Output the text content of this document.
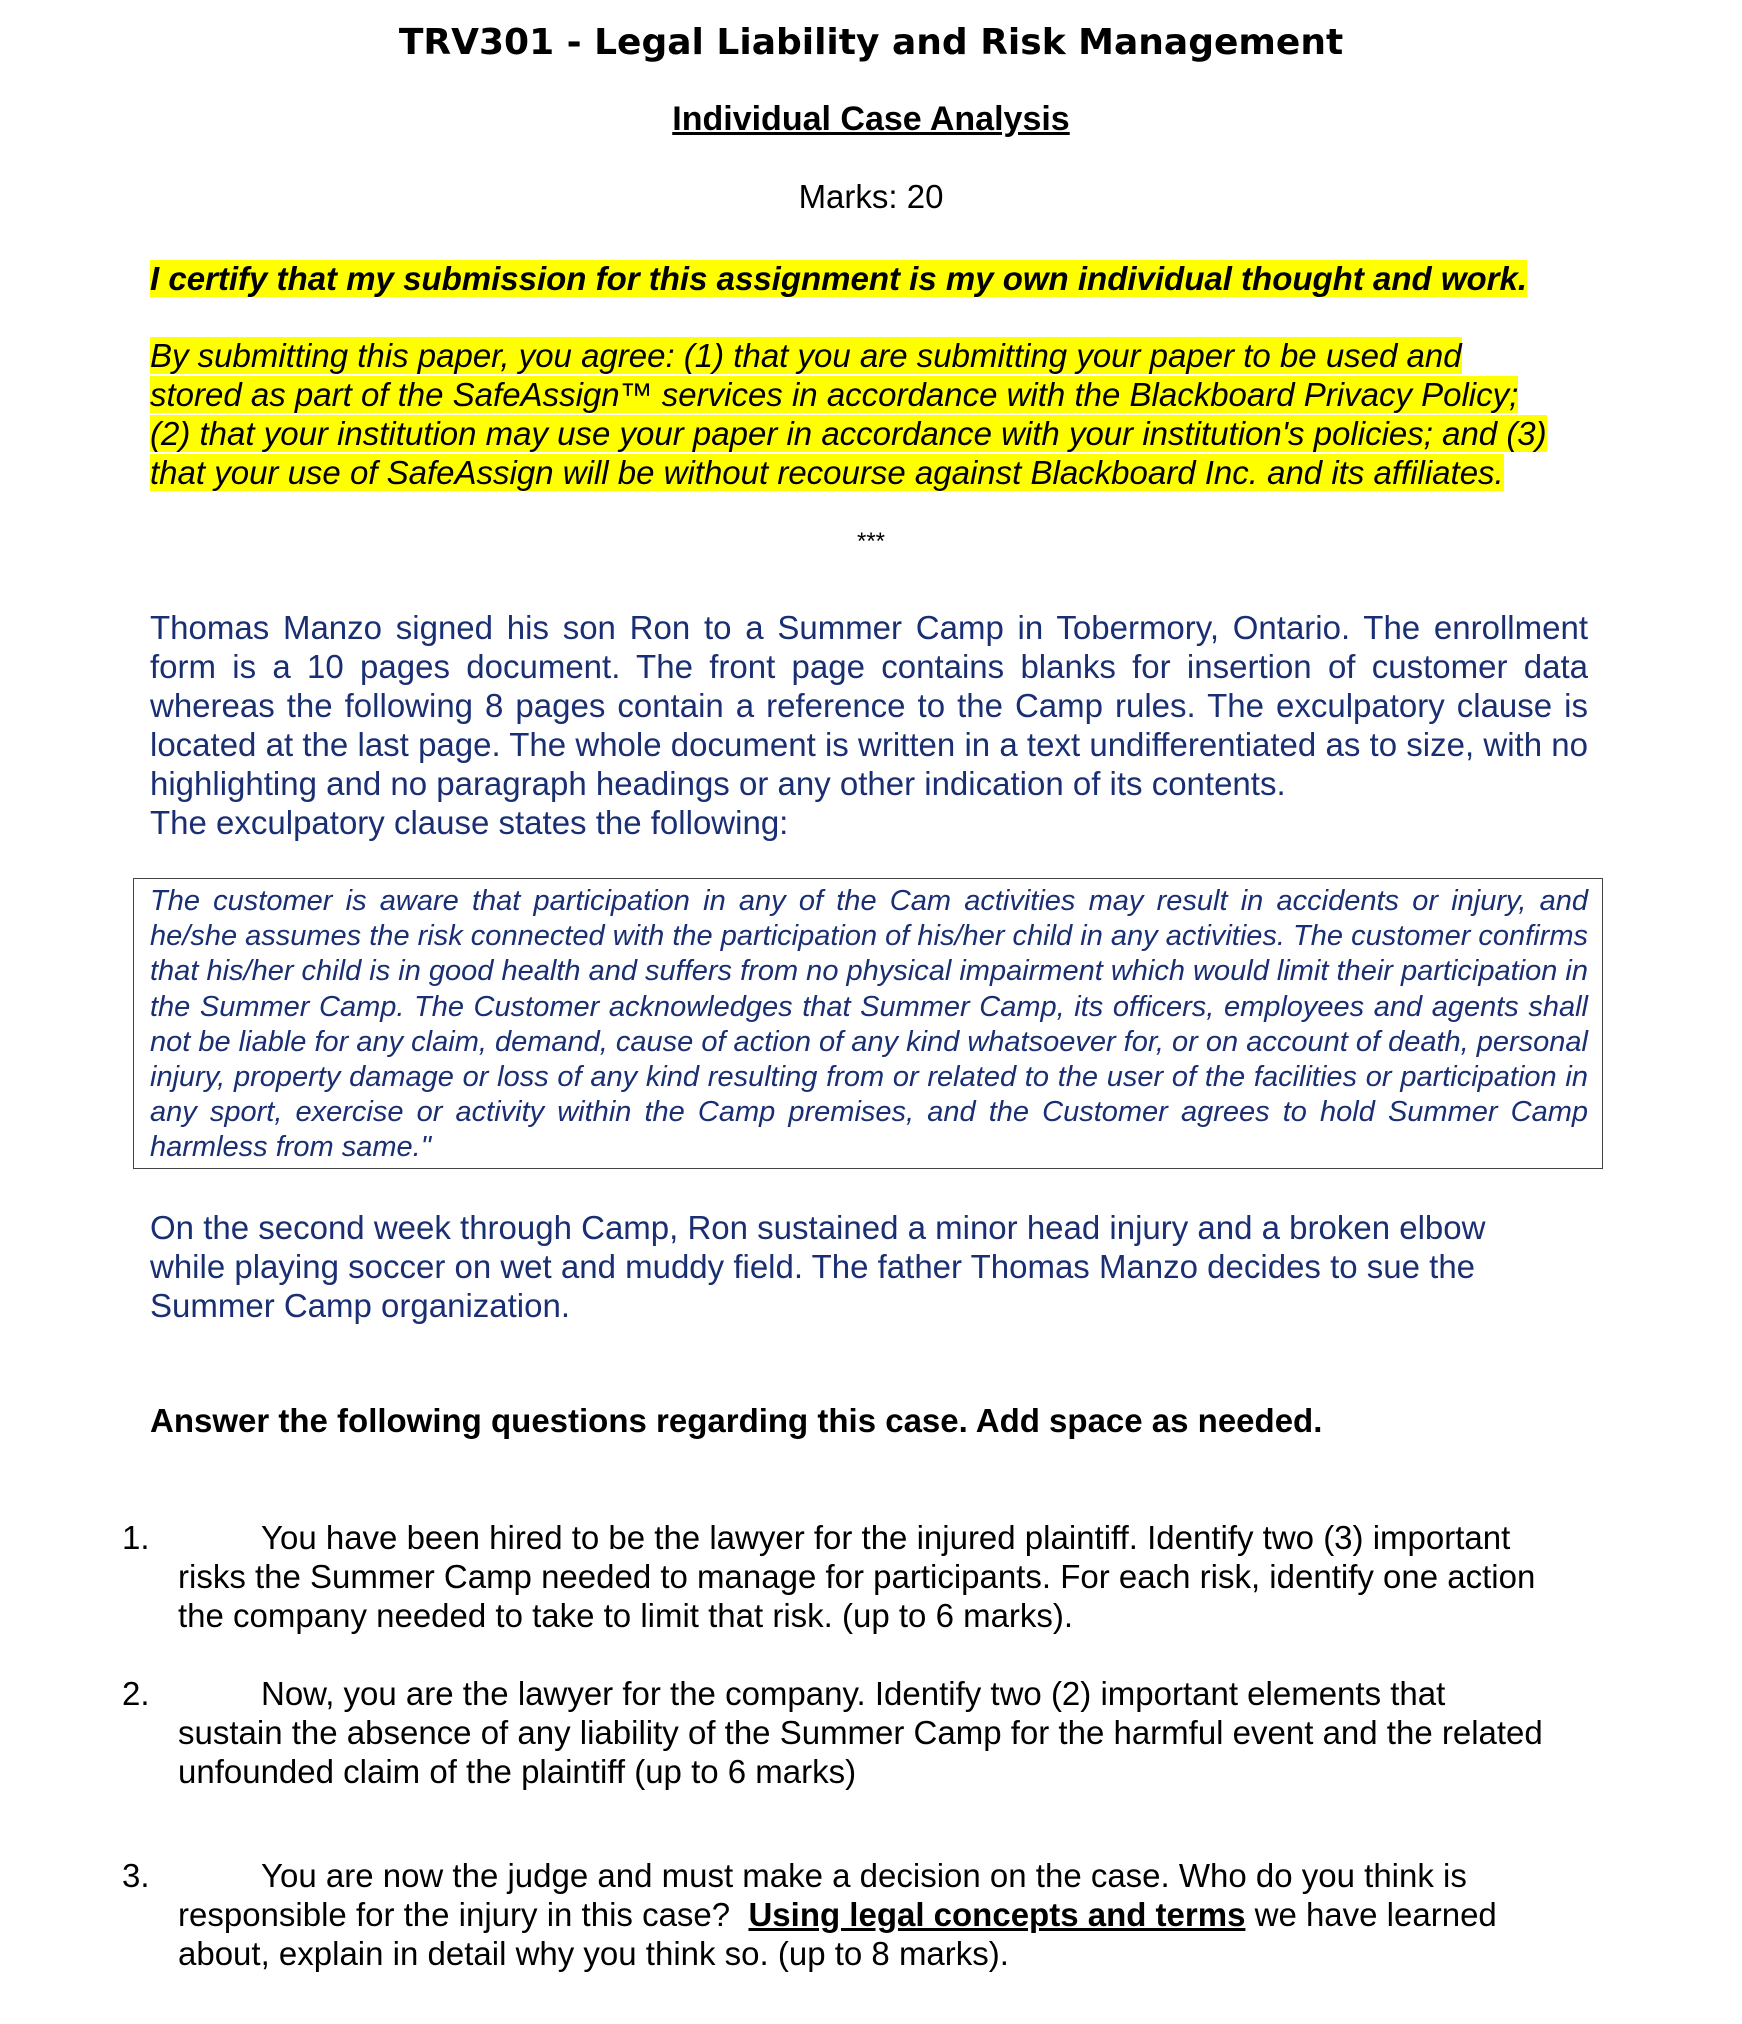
TRV301 - Legal Liability and Risk Management
Individual Case Analysis
Marks: 20
I certify that my submission for this assignment is my own individual thought and work.
By submitting this paper, you agree: (1) that you are submitting your paper to be used and
stored as part of the SafeAssign™ services in accordance with the Blackboard Privacy Policy;
(2) that your institution may use your paper in accordance with your institution's policies; and (3)
that your use of SafeAssign will be without recourse against Blackboard Inc. and its affiliates.
***
Thomas Manzo signed his son Ron to a Summer Camp in Tobermory, Ontario. The enrollment form is a 10 pages document. The front page contains blanks for insertion of customer data whereas the following 8 pages contain a reference to the Camp rules. The exculpatory clause is located at the last page. The whole document is written in a text undifferentiated as to size, with no highlighting and no paragraph headings or any other indication of its contents.
The exculpatory clause states the following:
The customer is aware that participation in any of the Cam activities may result in accidents or injury, and he/she assumes the risk connected with the participation of his/her child in any activities. The customer confirms that his/her child is in good health and suffers from no physical impairment which would limit their participation in the Summer Camp. The Customer acknowledges that Summer Camp, its officers, employees and agents shall not be liable for any claim, demand, cause of action of any kind whatsoever for, or on account of death, personal injury, property damage or loss of any kind resulting from or related to the user of the facilities or participation in any sport, exercise or activity within the Camp premises, and the Customer agrees to hold Summer Camp harmless from same."
On the second week through Camp, Ron sustained a minor head injury and a broken elbow
while playing soccer on wet and muddy field. The father Thomas Manzo decides to sue the
Summer Camp organization.
Answer the following questions regarding this case. Add space as needed.
1.	You have been hired to be the lawyer for the injured plaintiff. Identify two (3) important
risks the Summer Camp needed to manage for participants. For each risk, identify one action
the company needed to take to limit that risk. (up to 6 marks).
2.	Now, you are the lawyer for the company. Identify two (2) important elements that
sustain the absence of any liability of the Summer Camp for the harmful event and the related
unfounded claim of the plaintiff (up to 6 marks)
3.	You are now the judge and must make a decision on the case. Who do you think is
responsible for the injury in this case?  Using legal concepts and terms we have learned
about, explain in detail why you think so. (up to 8 marks).
